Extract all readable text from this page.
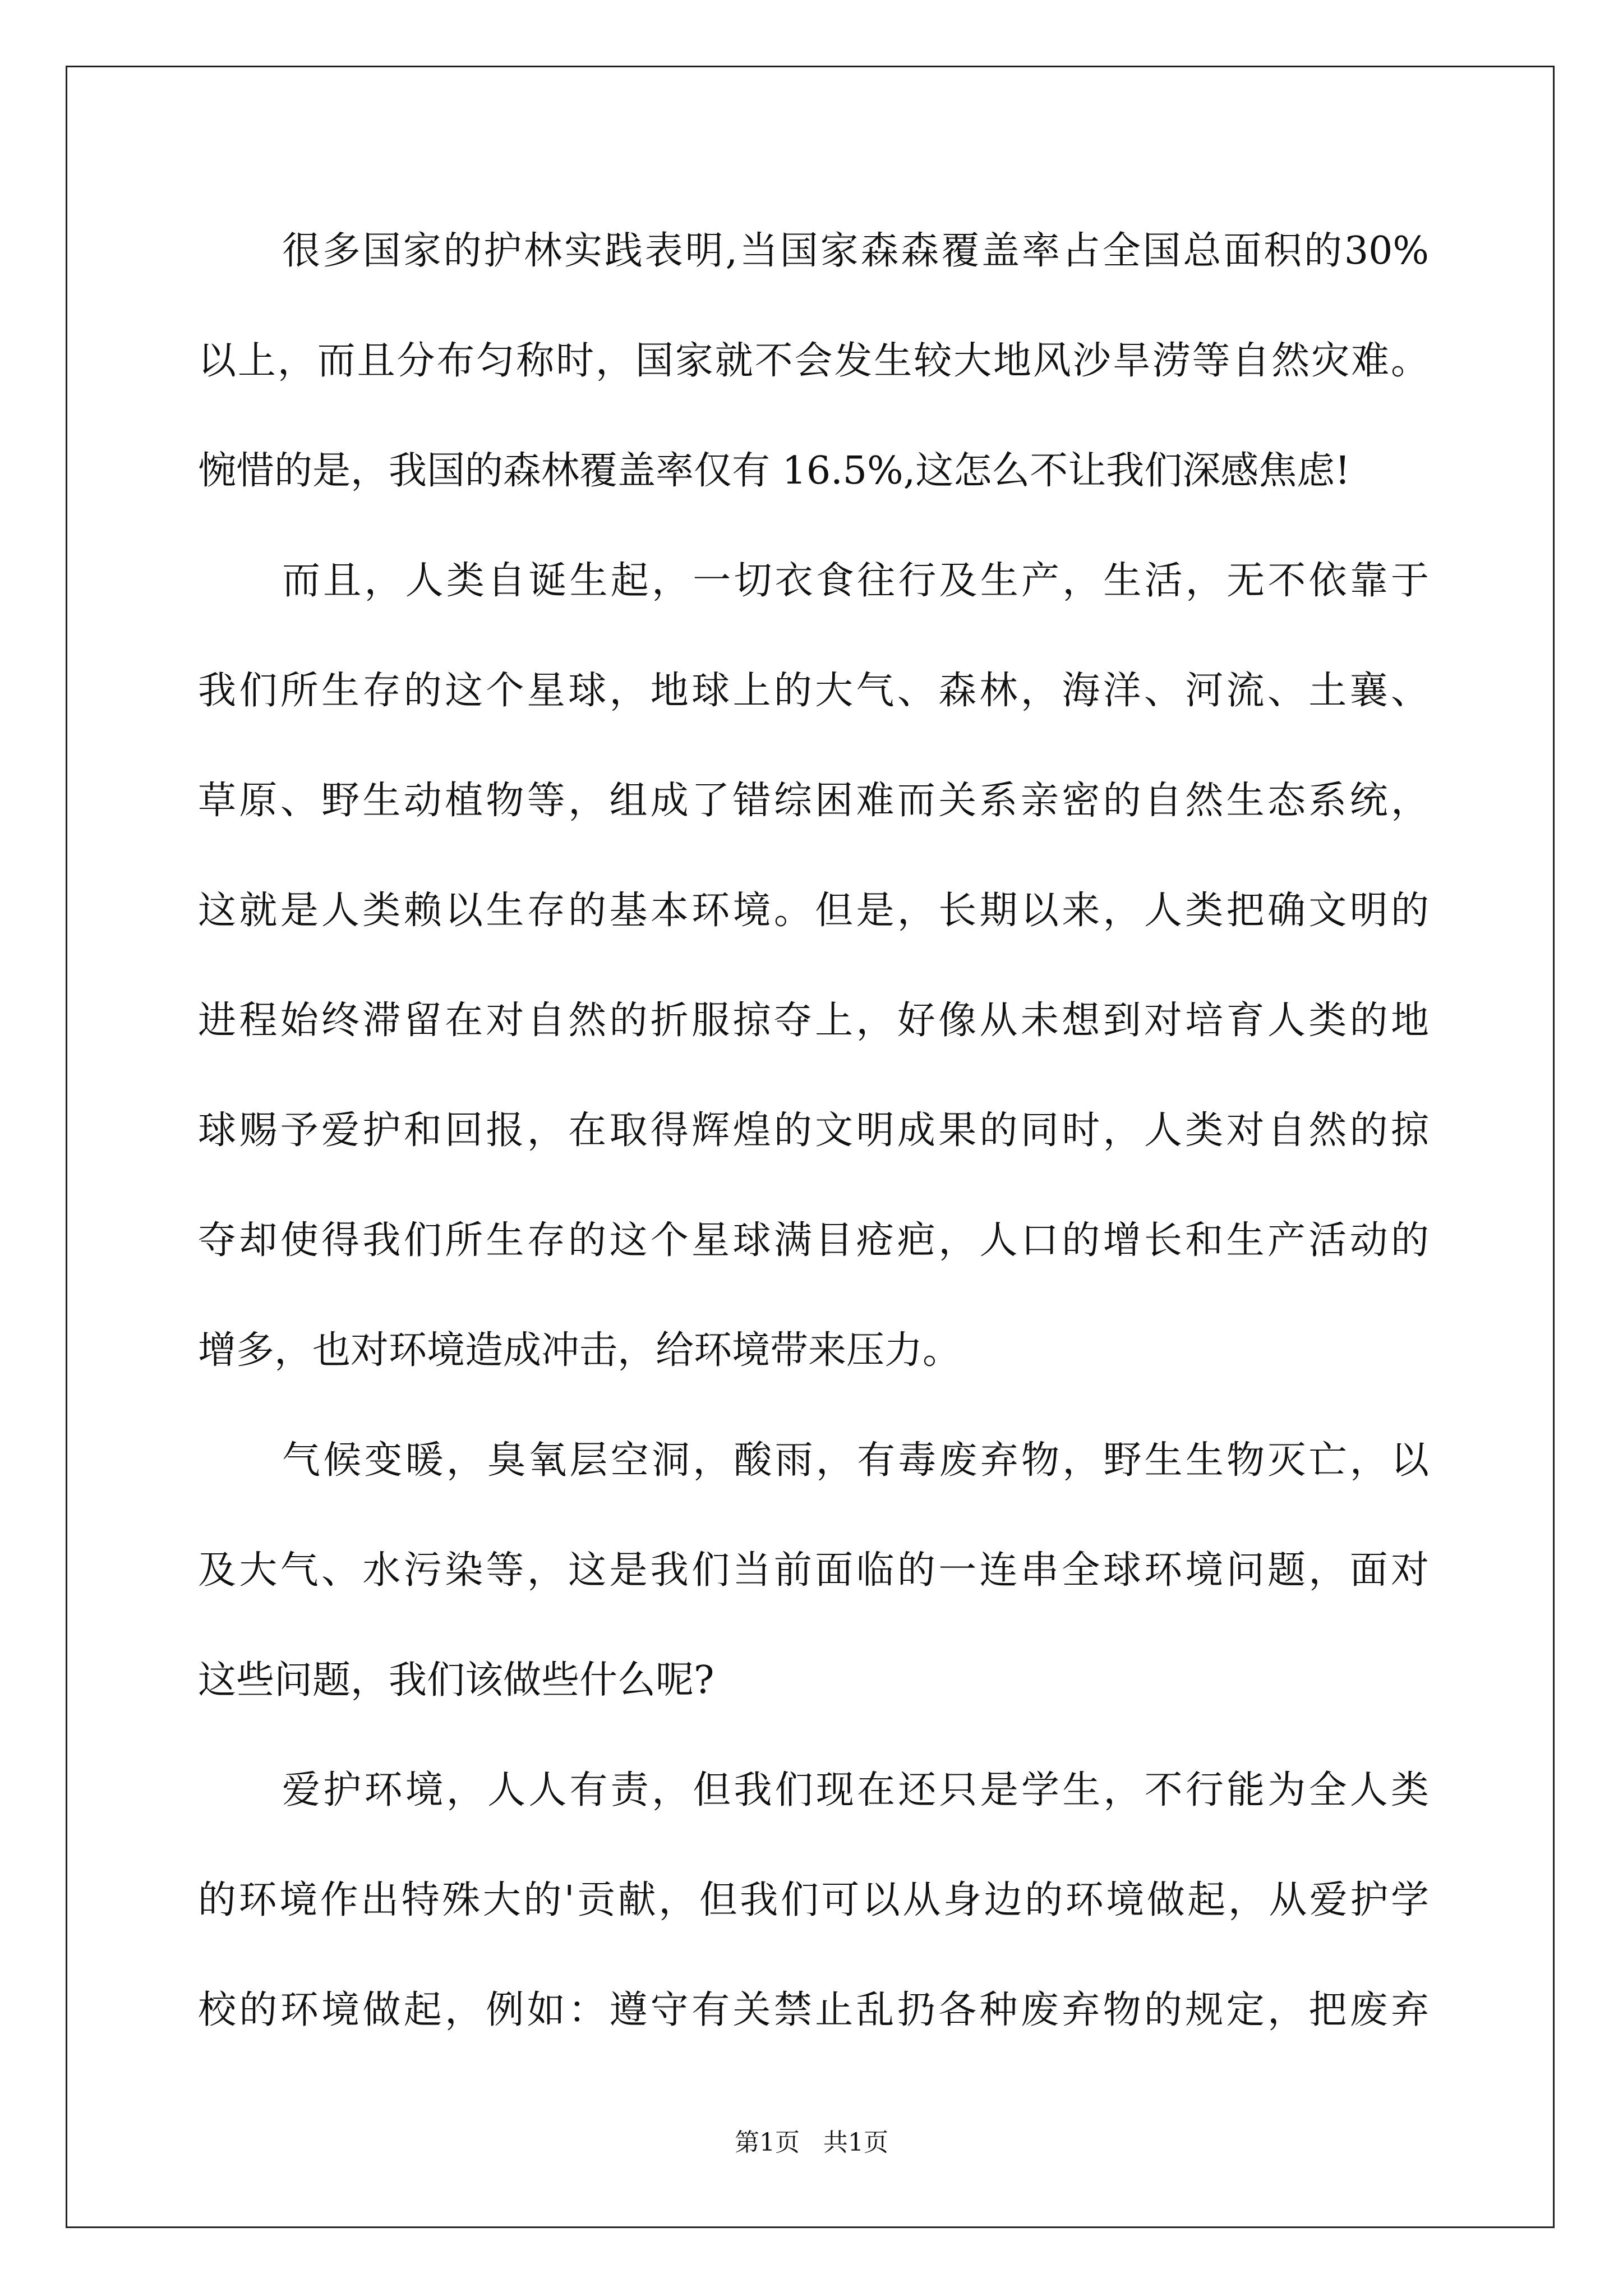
很多国家的护林实践表明,当国家森森覆盖率占全国总面积的30%
以上，而且分布匀称时，国家就不会发生较大地风沙旱涝等自然灾难。
惋惜的是，我国的森林覆盖率仅有 16.5%,这怎么不让我们深感焦虑!
而且，人类自诞生起，一切衣食往行及生产，生活，无不依靠于
我们所生存的这个星球，地球上的大气、森林，海洋、河流、土襄、
草原、野生动植物等，组成了错综困难而关系亲密的自然生态系统，
这就是人类赖以生存的基本环境。但是，长期以来，人类把确文明的
进程始终滞留在对自然的折服掠夺上，好像从未想到对培育人类的地
球赐予爱护和回报，在取得辉煌的文明成果的同时，人类对自然的掠
夺却使得我们所生存的这个星球满目疮疤，人口的增长和生产活动的
增多，也对环境造成冲击，给环境带来压力。
气候变暖，臭氧层空洞，酸雨，有毒废弃物，野生生物灭亡，以
及大气、水污染等，这是我们当前面临的一连串全球环境问题，面对
这些问题，我们该做些什么呢?
爱护环境，人人有责，但我们现在还只是学生，不行能为全人类
的环境作出特殊大的'贡献，但我们可以从身边的环境做起，从爱护学
校的环境做起，例如：遵守有关禁止乱扔各种废弃物的规定，把废弃
第1页   共1页
